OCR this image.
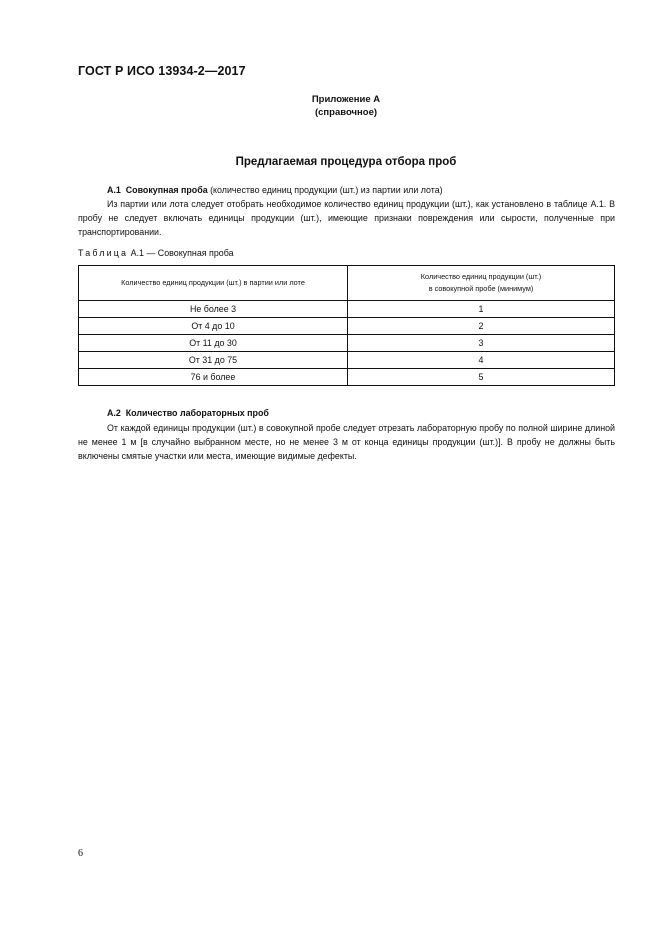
ГОСТ Р ИСО 13934-2—2017
Приложение А
(справочное)
Предлагаемая процедура отбора проб
А.1 Совокупная проба (количество единиц продукции (шт.) из партии или лота)
Из партии или лота следует отобрать необходимое количество единиц продукции (шт.), как установлено в таблице А.1. В пробу не следует включать единицы продукции (шт.), имеющие признаки повреждения или сырости, полученные при транспортировании.
Таблица А.1 — Совокупная проба
Количество единиц продукции (шт.) в партии или лоте	Количество единиц продукции (шт.)
в совокупной пробе (минимум)
Не более 3	1
От 4 до 10	2
От 11 до 30	3
От 31 до 75	4
76 и более	5
А.2 Количество лабораторных проб
От каждой единицы продукции (шт.) в совокупной пробе следует отрезать лабораторную пробу по полной ширине длиной не менее 1 м [в случайно выбранном месте, но не менее 3 м от конца единицы продукции (шт.)]. В пробу не должны быть включены смятые участки или места, имеющие видимые дефекты.
6
